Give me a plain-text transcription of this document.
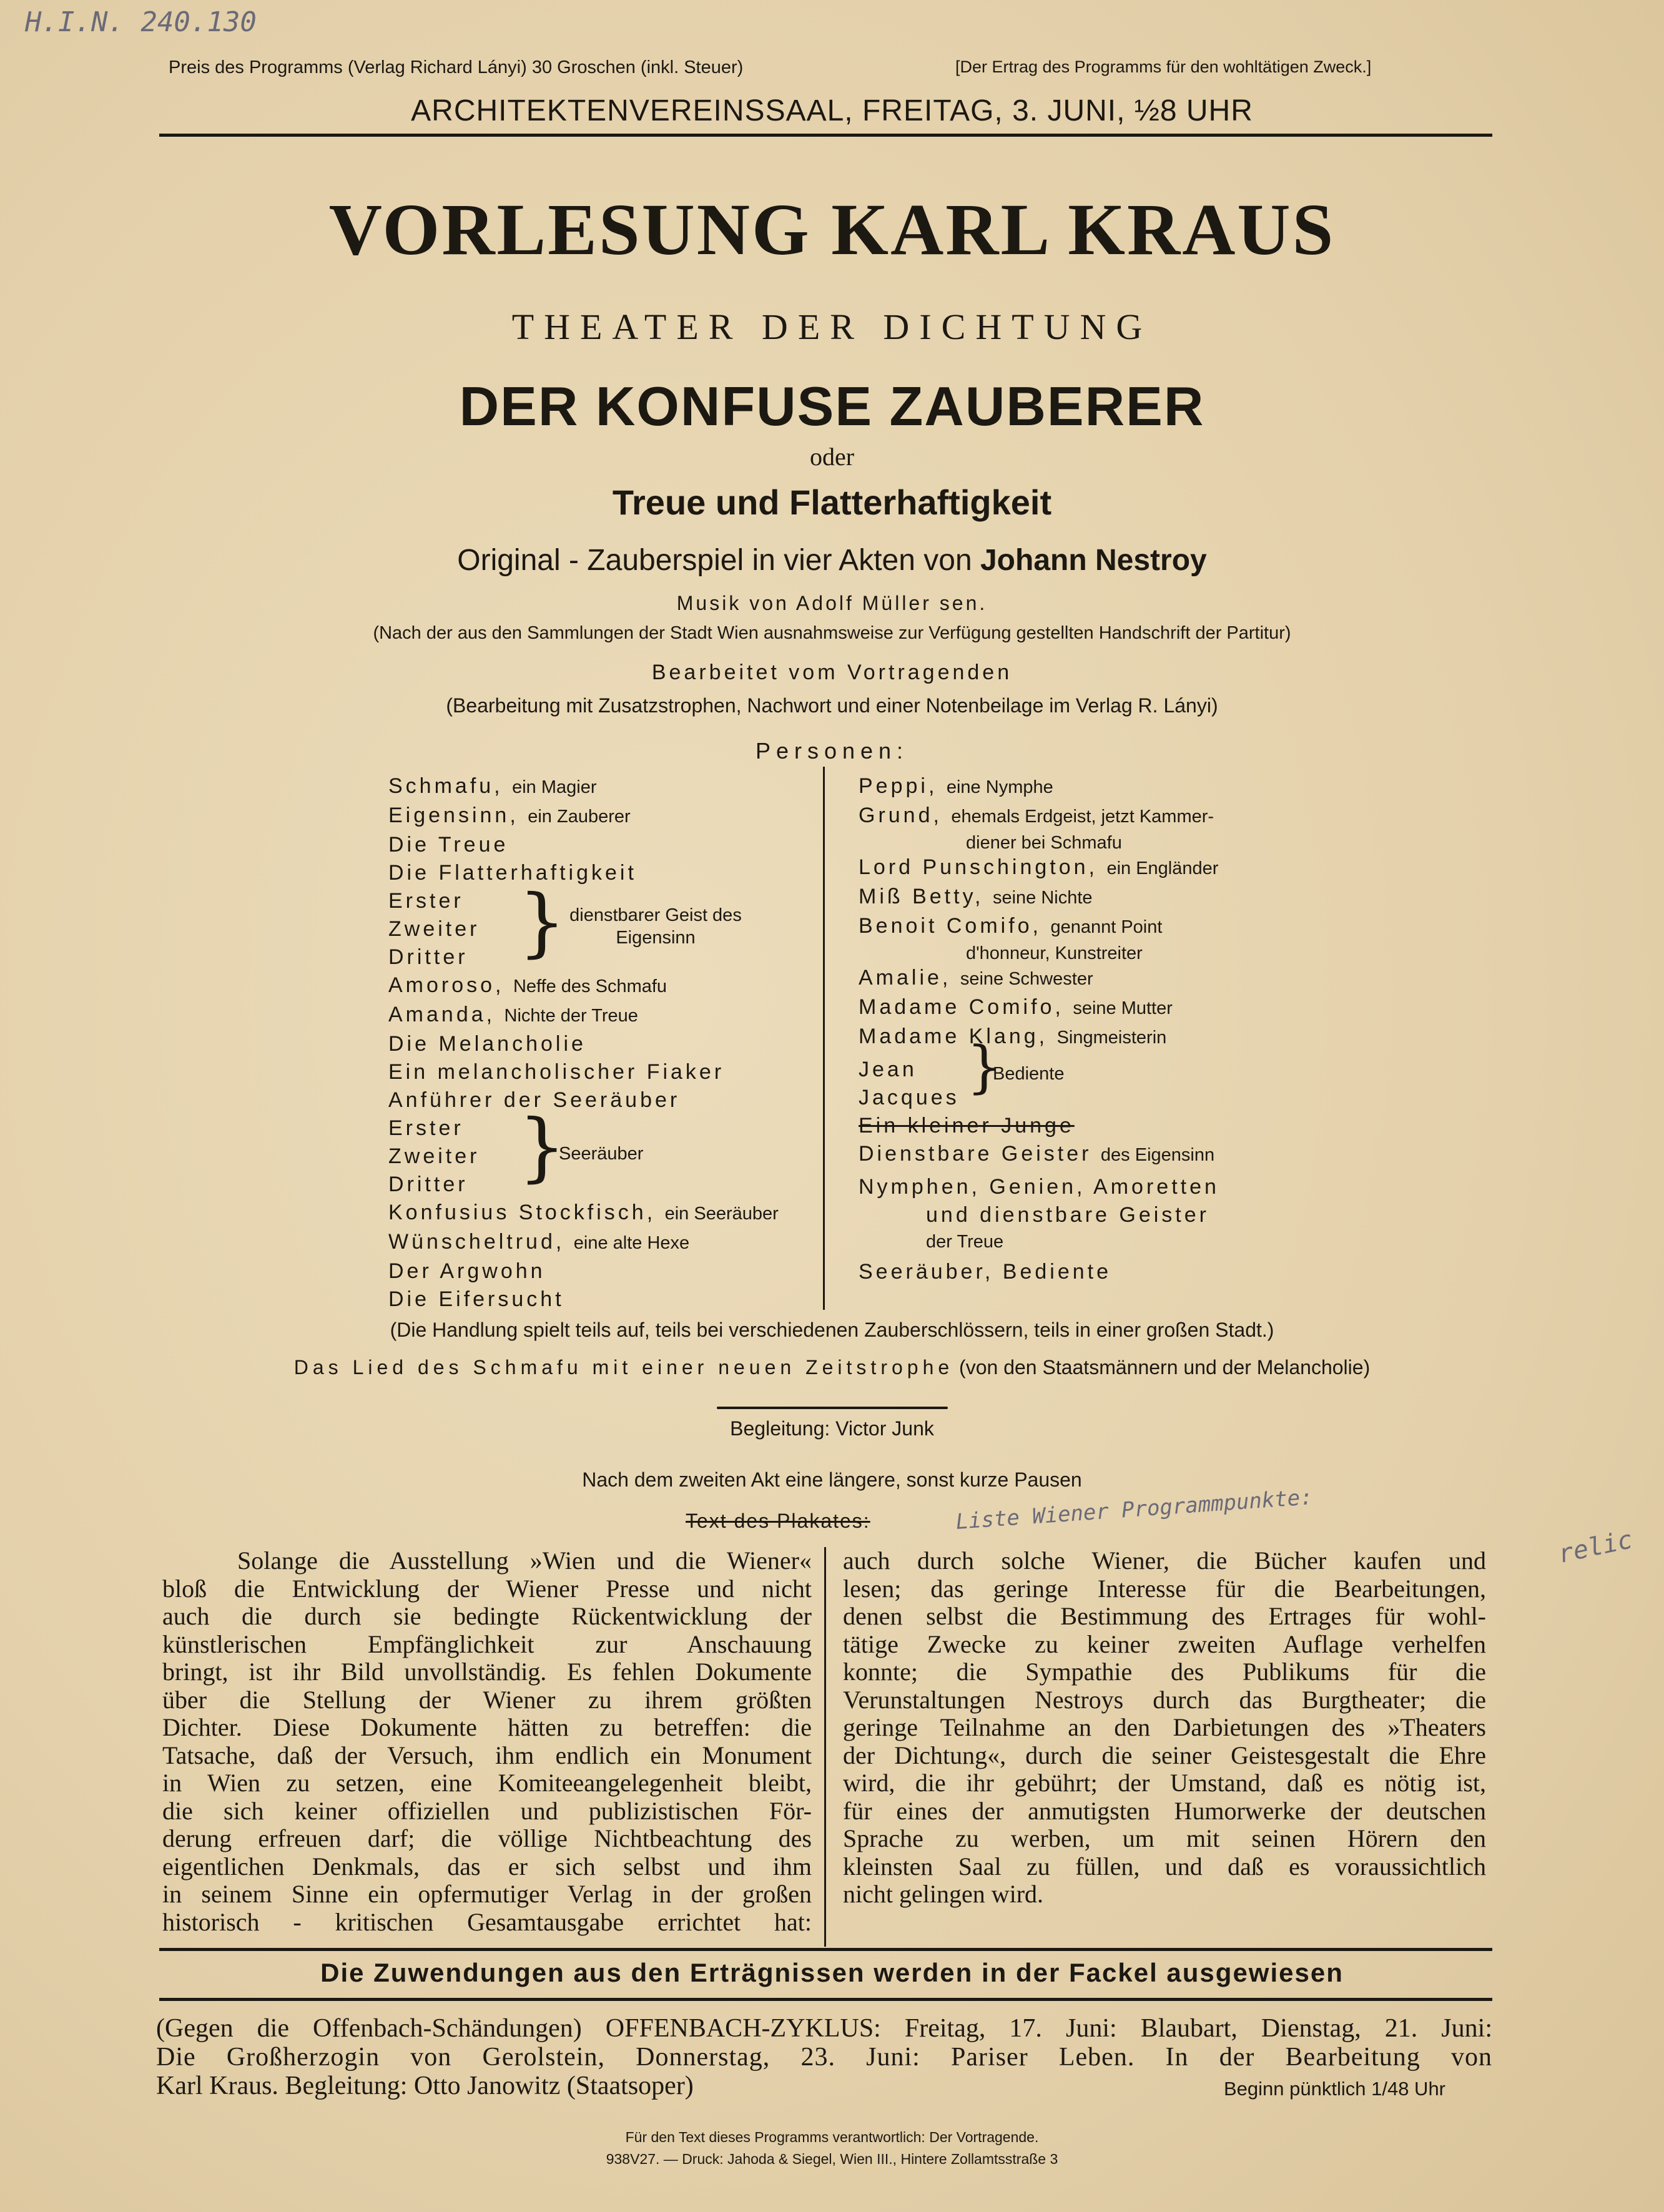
H.I.N. 240.130
Preis des Programms (Verlag Richard Lányi) 30 Groschen (inkl. Steuer)	[Der Ertrag des Programms für den wohltätigen Zweck.]
ARCHITEKTENVEREINSSAAL, FREITAG, 3. JUNI, ½8 UHR
VORLESUNG KARL KRAUS
THEATER DER DICHTUNG
DER KONFUSE ZAUBERER
oder
Treue und Flatterhaftigkeit
Original - Zauberspiel in vier Akten von Johann Nestroy
Musik von Adolf Müller sen.
(Nach der aus den Sammlungen der Stadt Wien ausnahmsweise zur Verfügung gestellten Handschrift der Partitur)
Bearbeitet vom Vortragenden
(Bearbeitung mit Zusatzstrophen, Nachwort und einer Notenbeilage im Verlag R. Lányi)
Personen:
Schmafu, ein Magier
Eigensinn, ein Zauberer
Die Treue
Die Flatterhaftigkeit
Erster
Zweiter
Dritter
Amoroso, Neffe des Schmafu
Amanda, Nichte der Treue
Die Melancholie
Ein melancholischer Fiaker
Anführer der Seeräuber
Erster
Zweiter
Dritter
Konfusius Stockfisch, ein Seeräuber
Wünscheltrud, eine alte Hexe
Der Argwohn
Die Eifersucht
} dienstbarer Geist des Eigensinn
}
Seeräuber
Peppi, eine Nymphe
Grund, ehemals Erdgeist, jetzt Kammer-
diener bei Schmafu
Lord Punschington, ein Engländer
Miß Betty, seine Nichte
Benoit Comifo, genannt Point
d'honneur, Kunstreiter
Amalie, seine Schwester
Madame Comifo, seine Mutter
Madame Klang, Singmeisterin
Jean
Jacques
Ein kleiner Junge
Dienstbare Geister des Eigensinn
Nymphen, Genien, Amoretten
und dienstbare Geister
der Treue
Seeräuber, Bediente
}
Bediente
(Die Handlung spielt teils auf, teils bei verschiedenen Zauberschlössern, teils in einer großen Stadt.)
Das Lied des Schmafu mit einer neuen Zeitstrophe (von den Staatsmännern und der Melancholie)
Begleitung: Victor Junk
Nach dem zweiten Akt eine längere, sonst kurze Pausen
Text des Plakates:	Liste Wiener Programmpunkte:
relic
Solange die Ausstellung »Wien und die Wiener«
bloß die Entwicklung der Wiener Presse und nicht
auch die durch sie bedingte Rückentwicklung der
künstlerischen Empfänglichkeit zur Anschauung
bringt, ist ihr Bild unvollständig. Es fehlen Dokumente
über die Stellung der Wiener zu ihrem größten
Dichter. Diese Dokumente hätten zu betreffen: die
Tatsache, daß der Versuch, ihm endlich ein Monument
in Wien zu setzen, eine Komiteeangelegenheit bleibt,
die sich keiner offiziellen und publizistischen För-
derung erfreuen darf; die völlige Nichtbeachtung des
eigentlichen Denkmals, das er sich selbst und ihm
in seinem Sinne ein opfermutiger Verlag in der großen
historisch - kritischen Gesamtausgabe errichtet hat:
auch durch solche Wiener, die Bücher kaufen und
lesen; das geringe Interesse für die Bearbeitungen,
denen selbst die Bestimmung des Ertrages für wohl-
tätige Zwecke zu keiner zweiten Auflage verhelfen
konnte; die Sympathie des Publikums für die
Verunstaltungen Nestroys durch das Burgtheater; die
geringe Teilnahme an den Darbietungen des »Theaters
der Dichtung«, durch die seiner Geistesgestalt die Ehre
wird, die ihr gebührt; der Umstand, daß es nötig ist,
für eines der anmutigsten Humorwerke der deutschen
Sprache zu werben, um mit seinen Hörern den
kleinsten Saal zu füllen, und daß es voraussichtlich
nicht gelingen wird.
Die Zuwendungen aus den Erträgnissen werden in der Fackel ausgewiesen
(Gegen die Offenbach-Schändungen) OFFENBACH-ZYKLUS: Freitag, 17. Juni: Blaubart, Dienstag, 21. Juni:
Die Großherzogin von Gerolstein, Donnerstag, 23. Juni: Pariser Leben. In der Bearbeitung von
Karl Kraus. Begleitung: Otto Janowitz (Staatsoper)	Beginn pünktlich 1/48 Uhr
Für den Text dieses Programms verantwortlich: Der Vortragende.
938V27. — Druck: Jahoda & Siegel, Wien III., Hintere Zollamtsstraße 3
